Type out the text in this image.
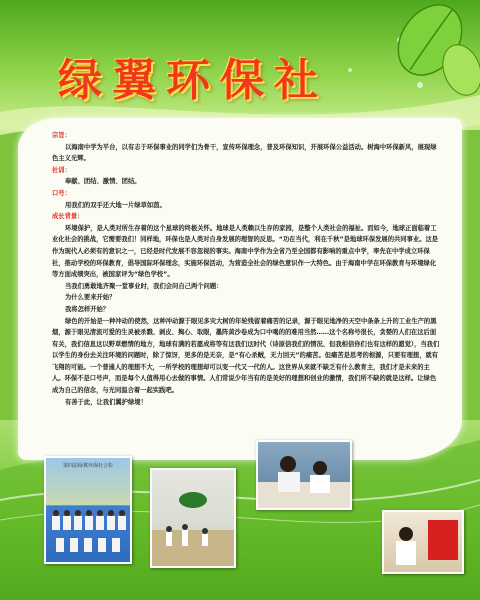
绿翼环保社

宗旨：

以海南中学为平台，以有志于环保事业的同学们为骨干，宣传环保理念，普及环保知识，开展环保公益活动。树海中环保新风，展现绿色主义光辉。

社训：

奉献、团结、激情、团结。

口号：

用我们的双手还大地一片绿草如茵。

成长背景：

环境保护，是人类对所生存着的这个星球的终极关怀。地球是人类赖以生存的家园，是整个人类社会的福祉。而如今，地球正面临着工业化社会的挑战，它需要我们！同样地，环保也是人类对自身发展的理智的反思。“功在当代，利在千秋”是地球环保发展的共同事业。这是作为现代人必须有的意识之一，已经是时代发展不容忽视的事实。海南中学作为全省乃至全国都有影响的重点中学，率先在中学成立环保社，推动学校的环保教育，倡导国际环保理念，实施环保活动，为营造全社会的绿色意识作一大特色。由于海南中学在环保教育与环境绿化等方面成绩突出，被国家评为“绿色学校”。

当我们勇敢地齐聚一堂事业时，我们会问自己两个问题：

为什么要来开始？

我将怎样开始？

绿色的开始是一种冲动的使然，这种冲动源于眼见多灾大树的年轮残留着痛苦的记录，源于眼见地净的天空中条条上升的工业生产的黑烟，源于眼见清流可爱的生灵被杀戮、剥皮、掏心、取眼，墨阵黄沙卷成为口中喝的的难用当然……这个名称号很长，贪婪的人们在这后面有关，我们信息这以野草燃情的地方，地球有满的若愿成将等有这我们这时代（诗原信我们的情况、但我相信你们也有这样的愿觉），当我们以学生的身份去关注环境的问题时，除了惊讶，更多的是无奈，是“有心杀贼，无力回天”的痛苦。但痛苦是思考的根源，只要有理想，就有飞翔的可能。一个普通人的理想不大，一所学校的理想却可以变一代又一代的人。这世界从来就不缺乏有什么教育主，我们才是未来的主人。环保不是口号声，而是每个人值得用心去做的事情。人们常说少年当有的是美好的理想和创业的激情，我们所不缺的就是这样。让绿色成为自己的信念，与光同温合着一起实践吧。

有善于此，让我们翼护绿境！

第四届绿翼环保社合影
